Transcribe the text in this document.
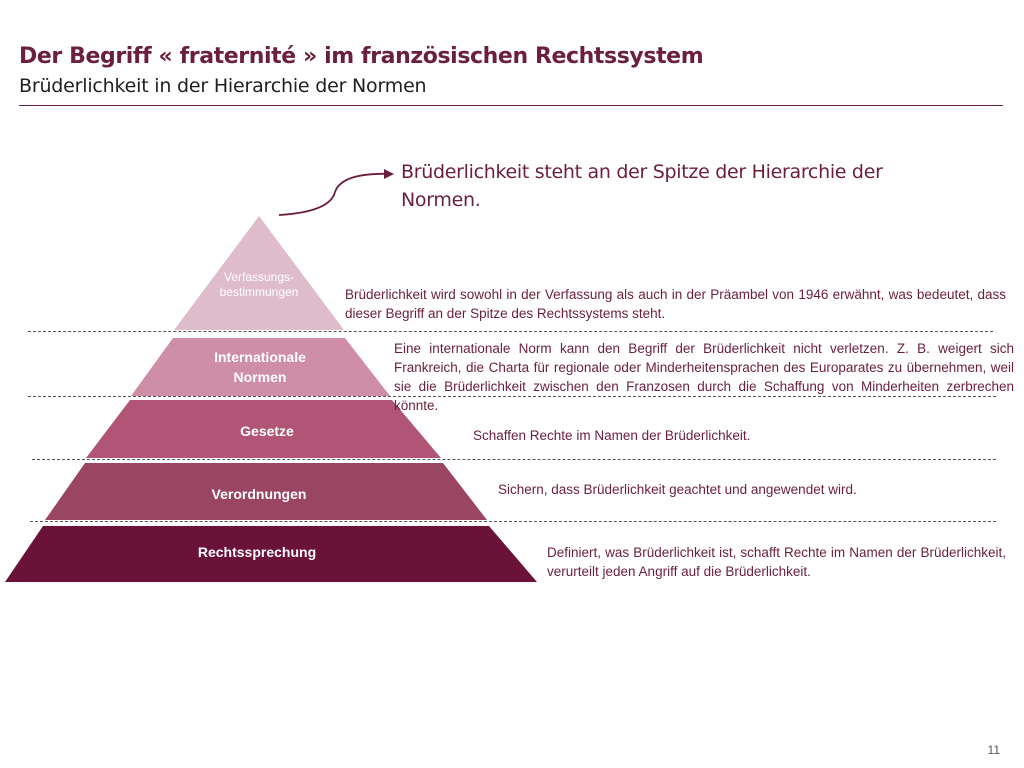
Der Begriff « fraternité » im französischen Rechtssystem
Brüderlichkeit in der Hierarchie der Normen
Brüderlichkeit steht an der Spitze der Hierarchie der Normen.
Verfassungs-
bestimmungen
Internationale
Normen
Gesetze
Verordnungen
Rechtssprechung
Brüderlichkeit wird sowohl in der Verfassung als auch in der Präambel von 1946 erwähnt, was bedeutet, dass dieser Begriff an der Spitze des Rechtssystems steht.
Eine internationale Norm kann den Begriff der Brüderlichkeit nicht verletzen. Z. B. weigert sich Frankreich, die Charta für regionale oder Minderheitensprachen des Europarates zu übernehmen, weil sie die Brüderlichkeit zwischen den Franzosen durch die Schaffung von Minderheiten zerbrechen könnte.
Schaffen Rechte im Namen der Brüderlichkeit.
Sichern, dass Brüderlichkeit geachtet und angewendet wird.
Definiert, was Brüderlichkeit ist, schafft Rechte im Namen der Brüderlichkeit, verurteilt jeden Angriff auf die Brüderlichkeit.
11
